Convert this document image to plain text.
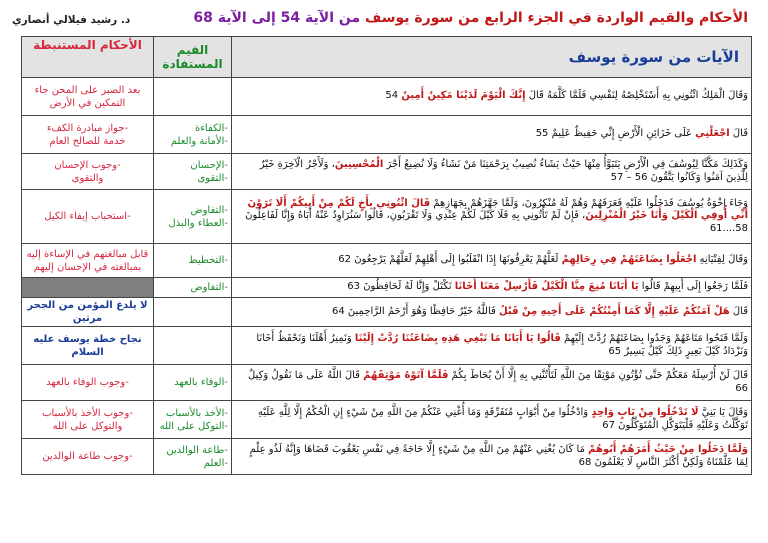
الأحكام والقيم الواردة في الجزء الرابع من سورة يوسف من الآية 54 إلى الآية 68
د. رشيد فيلالي أنصاري
الآيات من سورة يوسف	القيم المستفادة	الأحكام المستنبطة
وَقَالَ الْمَلِكُ ائْتُونِي بِهِ أَسْتَخْلِصْهُ لِنَفْسِي فَلَمَّا كَلَّمَهُ قَالَ إِنَّكَ الْيَوْمَ لَدَيْنَا مَكِينٌ أَمِينٌ 54		بعد الصبر على المحن جاء التمكين في الأرض

قَالَ اجْعَلْنِي عَلَى خَزَائِنِ الْأَرْضِ إِنِّي حَفِيظٌ عَلِيمٌ 55	-الكفاءة
-الأمانة والعلم	-جواز مبادرة الكفء
خدمة للصالح العام

وَكَذَلِكَ مَكَّنَّا لِيُوسُفَ فِي الْأَرْضِ يَتَبَوَّأُ مِنْهَا حَيْثُ يَشَاءُ نُصِيبُ بِرَحْمَتِنَا مَنْ نَشَاءُ وَلَا نُضِيعُ أَجْرَ الْمُحْسِنِينَ، وَلَأَجْرُ الْآخِرَةِ خَيْرٌ لِلَّذِينَ آمَنُوا وَكَانُوا يَتَّقُونَ 56 – 57	-الإحسان
-التقوى	-وجوب الإحسان
والتقوى

وَجَاءَ إِخْوَةُ يُوسُفَ فَدَخَلُوا عَلَيْهِ فَعَرَفَهُمْ وَهُمْ لَهُ مُنْكِرُونَ، وَلَمَّا جَهَّزَهُمْ بِجَهَازِهِمْ قَالَ ائْتُونِي بِأَخٍ لَكُمْ مِنْ أَبِيكُمْ أَلَا تَرَوْنَ أَنِّي أُوفِي الْكَيْلَ وَأَنَا خَيْرُ الْمُنْزِلِينَ، فَإِنْ لَمْ تَأْتُونِي بِهِ فَلَا كَيْلَ لَكُمْ عِنْدِي وَلَا تَقْرَبُونِ، قَالُوا سَنُرَاوِدُ عَنْهُ أَبَاهُ وَإِنَّا لَفَاعِلُونَ 58....61	-التفاوض
-العطاء والبذل	-استحباب إيفاء الكيل

وَقَالَ لِفِتْيَانِهِ اجْعَلُوا بِضَاعَتَهُمْ فِي رِحَالِهِمْ لَعَلَّهُمْ يَعْرِفُونَهَا إِذَا انْقَلَبُوا إِلَى أَهْلِهِمْ لَعَلَّهُمْ يَرْجِعُونَ 62	-التخطيط	قابل مبالغتهم في الإساءة إليه
بمبالغته في الإحسان إليهم

فَلَمَّا رَجَعُوا إِلَى أَبِيهِمْ قَالُوا يَا أَبَانَا مُنِعَ مِنَّا الْكَيْلُ فَأَرْسِلْ مَعَنَا أَخَانَا نَكْتَلْ وَإِنَّا لَهُ لَحَافِظُونَ 63	-التفاوض	

قَالَ هَلْ آمَنُكُمْ عَلَيْهِ إِلَّا كَمَا أَمِنْتُكُمْ عَلَى أَخِيهِ مِنْ قَبْلُ فَاللَّهُ خَيْرٌ حَافِظًا وَهُوَ أَرْحَمُ الرَّاحِمِينَ 64		لا يلدغ المؤمن من الجحر مرتين

وَلَمَّا فَتَحُوا مَتَاعَهُمْ وَجَدُوا بِضَاعَتَهُمْ رُدَّتْ إِلَيْهِمْ قَالُوا يَا أَبَانَا مَا نَبْغِي هَذِهِ بِضَاعَتُنَا رُدَّتْ إِلَيْنَا وَنَمِيرُ أَهْلَنَا وَنَحْفَظُ أَخَانَا وَنَزْدَادُ كَيْلَ بَعِيرٍ ذَلِكَ كَيْلٌ يَسِيرٌ 65		نجاح خطة يوسف عليه السلام

قَالَ لَنْ أُرْسِلَهُ مَعَكُمْ حَتَّى تُؤْتُونِ مَوْثِقًا مِنَ اللَّهِ لَتَأْتُنَّنِي بِهِ إِلَّا أَنْ يُحَاطَ بِكُمْ فَلَمَّا آتَوْهُ مَوْثِقَهُمْ قَالَ اللَّهُ عَلَى مَا نَقُولُ وَكِيلٌ 66	-الوفاء بالعهد	-وجوب الوفاء بالعهد

وَقَالَ يَا بَنِيَّ لَا تَدْخُلُوا مِنْ بَابٍ وَاحِدٍ وَادْخُلُوا مِنْ أَبْوَابٍ مُتَفَرِّقَةٍ وَمَا أُغْنِي عَنْكُمْ مِنَ اللَّهِ مِنْ شَيْءٍ إِنِ الْحُكْمُ إِلَّا لِلَّهِ عَلَيْهِ تَوَكَّلْتُ وَعَلَيْهِ فَلْيَتَوَكَّلِ الْمُتَوَكِّلُونَ 67	-الأخذ بالأسباب
-التوكل على الله	-وجوب الأخذ بالأسباب
والتوكل على الله

وَلَمَّا دَخَلُوا مِنْ حَيْثُ أَمَرَهُمْ أَبُوهُمْ مَا كَانَ يُغْنِي عَنْهُمْ مِنَ اللَّهِ مِنْ شَيْءٍ إِلَّا حَاجَةً فِي نَفْسِ يَعْقُوبَ قَضَاهَا وَإِنَّهُ لَذُو عِلْمٍ لِمَا عَلَّمْنَاهُ وَلَكِنَّ أَكْثَرَ النَّاسِ لَا يَعْلَمُونَ 68	-طاعة الوالدين
-العلم	-وجوب طاعة الوالدين
